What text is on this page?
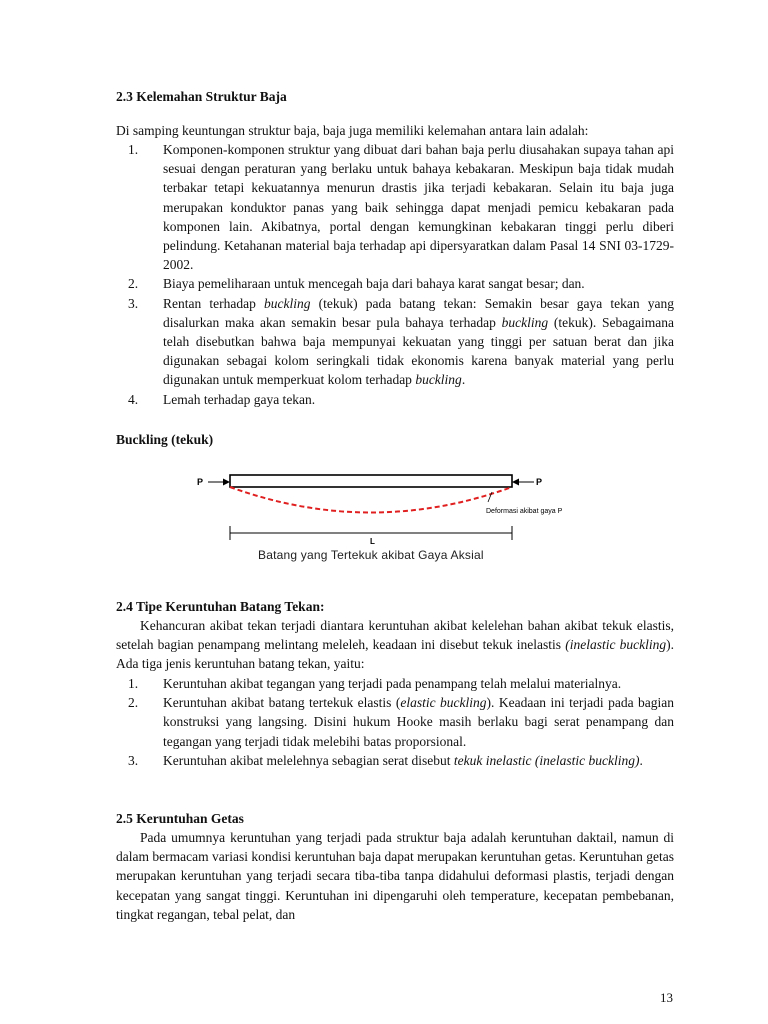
2.3 Kelemahan Struktur Baja
Di samping keuntungan struktur baja, baja juga memiliki kelemahan antara lain adalah:
1. Komponen-komponen struktur yang dibuat dari bahan baja perlu diusahakan supaya tahan api sesuai dengan peraturan yang berlaku untuk bahaya kebakaran. Meskipun baja tidak mudah terbakar tetapi kekuatannya menurun drastis jika terjadi kebakaran. Selain itu baja juga merupakan konduktor panas yang baik sehingga dapat menjadi pemicu kebakaran pada komponen lain. Akibatnya, portal dengan kemungkinan kebakaran tinggi perlu diberi pelindung. Ketahanan material baja terhadap api dipersyaratkan dalam Pasal 14 SNI 03-1729-2002.
2. Biaya pemeliharaan untuk mencegah baja dari bahaya karat sangat besar; dan.
3. Rentan terhadap buckling (tekuk) pada batang tekan: Semakin besar gaya tekan yang disalurkan maka akan semakin besar pula bahaya terhadap buckling (tekuk). Sebagaimana telah disebutkan bahwa baja mempunyai kekuatan yang tinggi per satuan berat dan jika digunakan sebagai kolom seringkali tidak ekonomis karena banyak material yang perlu digunakan untuk memperkuat kolom terhadap buckling.
4. Lemah terhadap gaya tekan.
Buckling (tekuk)
P	P
Deformasi akibat gaya P
L
Batang yang Tertekuk akibat Gaya Aksial
2.4 Tipe Keruntuhan Batang Tekan:
Kehancuran akibat tekan terjadi diantara keruntuhan akibat kelelehan bahan akibat tekuk elastis, setelah bagian penampang melintang meleleh, keadaan ini disebut tekuk inelastis (inelastic buckling). Ada tiga jenis keruntuhan batang tekan, yaitu:
1. Keruntuhan akibat tegangan yang terjadi pada penampang telah melalui materialnya.
2. Keruntuhan akibat batang tertekuk elastis (elastic buckling). Keadaan ini terjadi pada bagian konstruksi yang langsing. Disini hukum Hooke masih berlaku bagi serat penampang dan tegangan yang terjadi tidak melebihi batas proporsional.
3. Keruntuhan akibat melelehnya sebagian serat disebut tekuk inelastic (inelastic buckling).
2.5 Keruntuhan Getas
Pada umumnya keruntuhan yang terjadi pada struktur baja adalah keruntuhan daktail, namun di dalam bermacam variasi kondisi keruntuhan baja dapat merupakan keruntuhan getas. Keruntuhan getas merupakan keruntuhan yang terjadi secara tiba-tiba tanpa didahului deformasi plastis, terjadi dengan kecepatan yang sangat tinggi. Keruntuhan ini dipengaruhi oleh temperature, kecepatan pembebanan, tingkat regangan, tebal pelat, dan
13
